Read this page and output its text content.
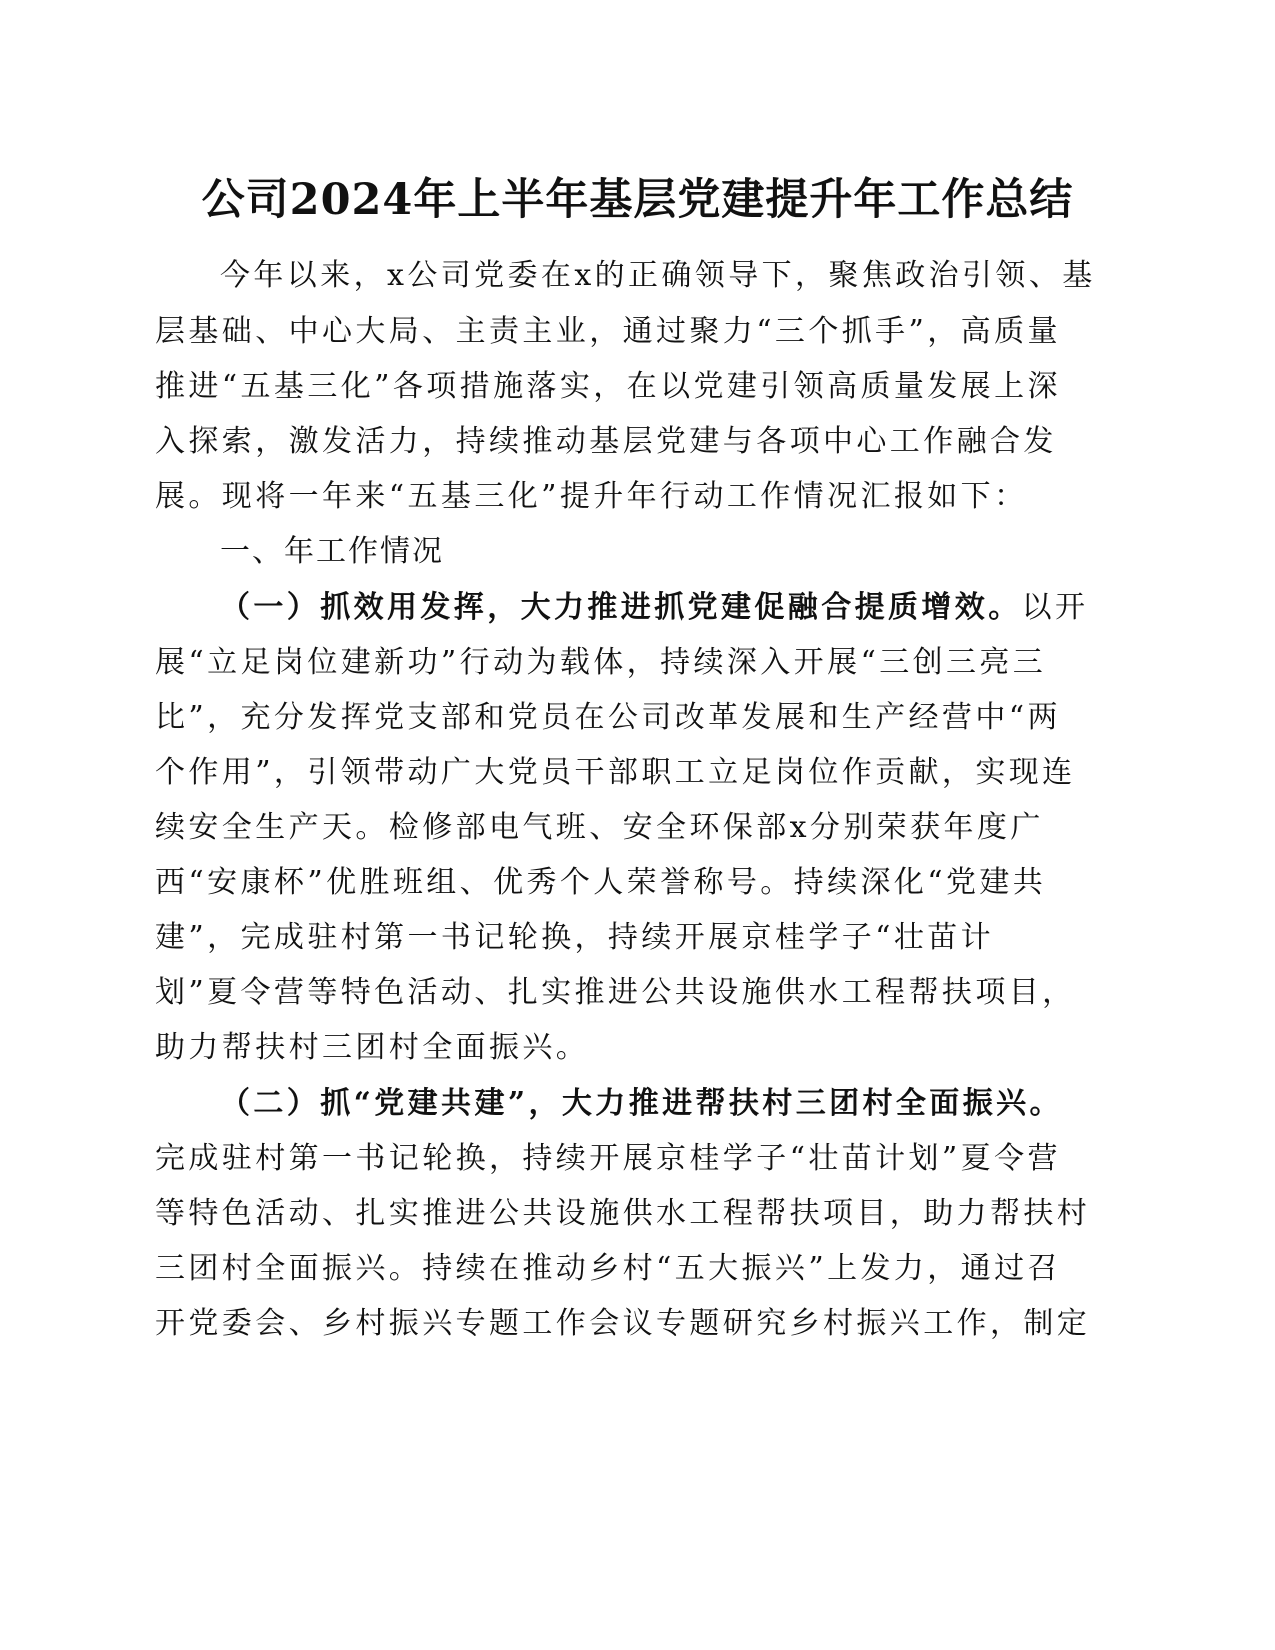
公司2024年上半年基层党建提升年工作总结

今年以来，x公司党委在x的正确领导下，聚焦政治引领、基

层基础、中心大局、主责主业，通过聚力“三个抓手”，高质量

推进“五基三化”各项措施落实，在以党建引领高质量发展上深

入探索，激发活力，持续推动基层党建与各项中心工作融合发

展。现将一年来“五基三化”提升年行动工作情况汇报如下：

一、年工作情况

（一）抓效用发挥，大力推进抓党建促融合提质增效。以开

展“立足岗位建新功”行动为载体，持续深入开展“三创三亮三

比”，充分发挥党支部和党员在公司改革发展和生产经营中“两

个作用”，引领带动广大党员干部职工立足岗位作贡献，实现连

续安全生产天。检修部电气班、安全环保部x分别荣获年度广

西“安康杯”优胜班组、优秀个人荣誉称号。持续深化“党建共

建”，完成驻村第一书记轮换，持续开展京桂学子“壮苗计

划”夏令营等特色活动、扎实推进公共设施供水工程帮扶项目，

助力帮扶村三团村全面振兴。

（二）抓“党建共建”，大力推进帮扶村三团村全面振兴。

完成驻村第一书记轮换，持续开展京桂学子“壮苗计划”夏令营

等特色活动、扎实推进公共设施供水工程帮扶项目，助力帮扶村

三团村全面振兴。持续在推动乡村“五大振兴”上发力，通过召

开党委会、乡村振兴专题工作会议专题研究乡村振兴工作，制定
